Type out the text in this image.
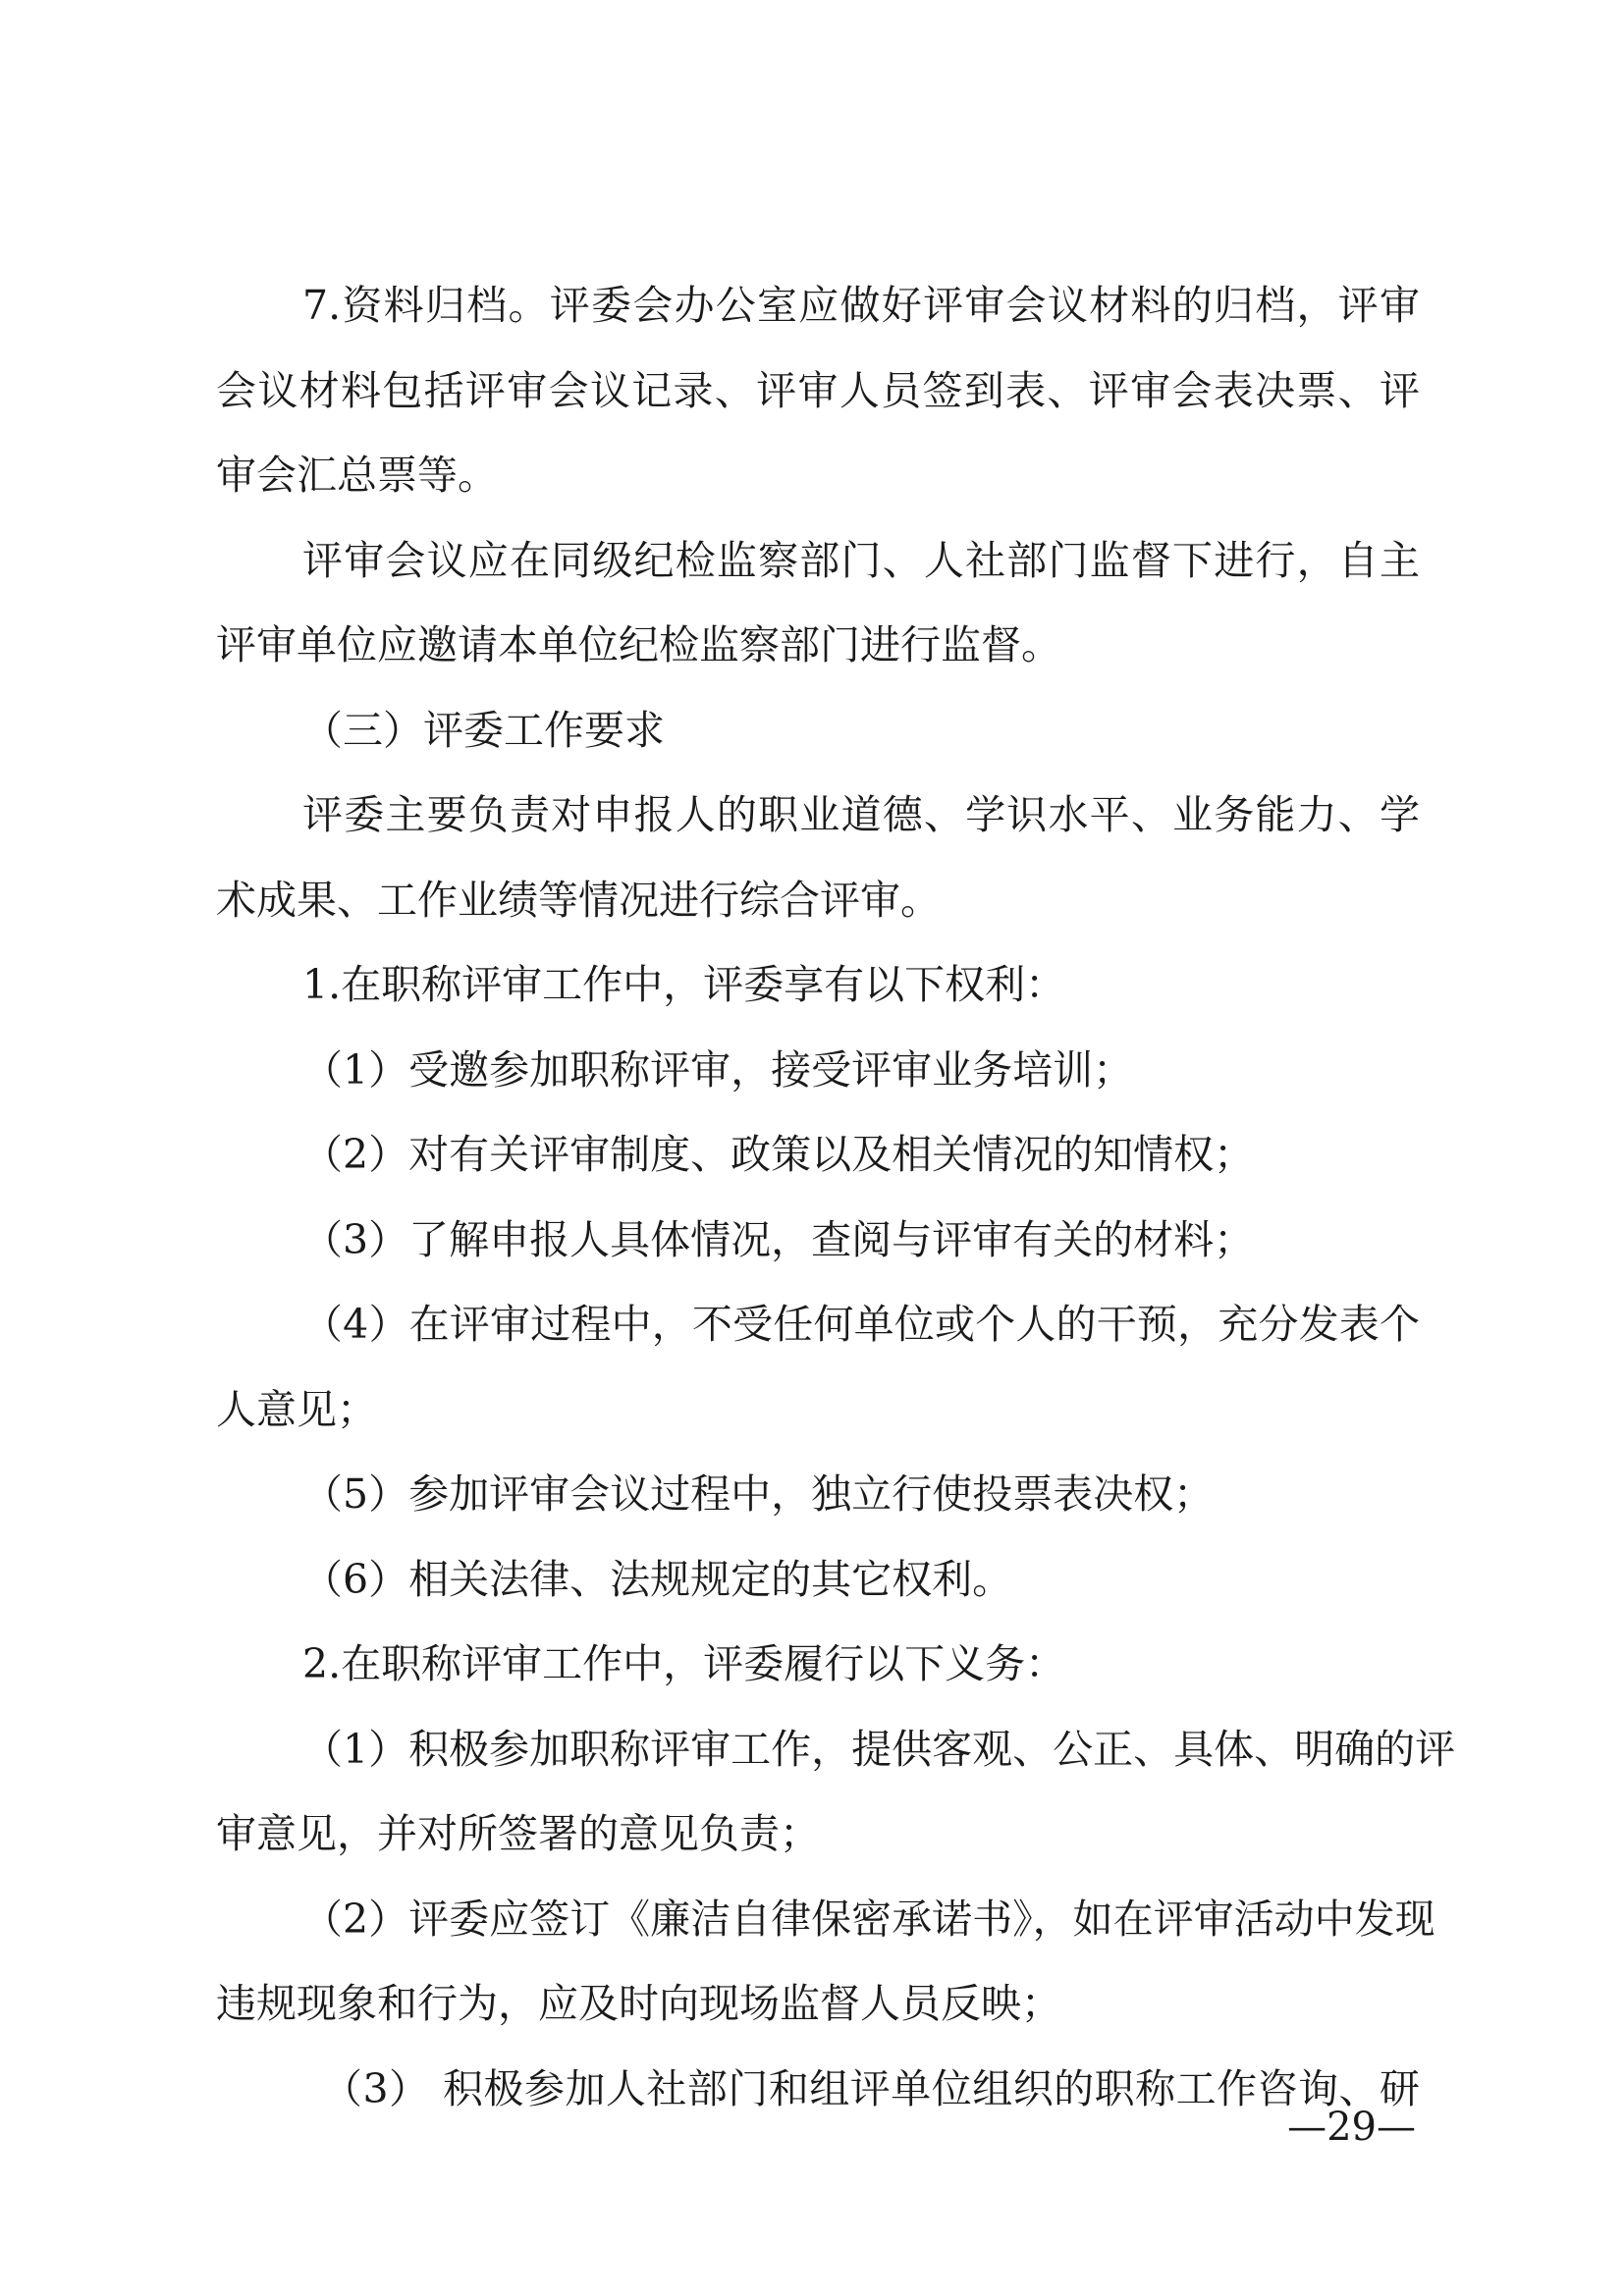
7.资料归档。评委会办公室应做好评审会议材料的归档，评审
会议材料包括评审会议记录、评审人员签到表、评审会表决票、评
审会汇总票等。
评审会议应在同级纪检监察部门、人社部门监督下进行，自主
评审单位应邀请本单位纪检监察部门进行监督。
（三）评委工作要求
评委主要负责对申报人的职业道德、学识水平、业务能力、学
术成果、工作业绩等情况进行综合评审。
1.在职称评审工作中，评委享有以下权利：
（1）受邀参加职称评审，接受评审业务培训；
（2）对有关评审制度、政策以及相关情况的知情权；
（3）了解申报人具体情况，查阅与评审有关的材料；
（4）在评审过程中，不受任何单位或个人的干预，充分发表个
人意见；
（5）参加评审会议过程中，独立行使投票表决权；
（6）相关法律、法规规定的其它权利。
2.在职称评审工作中，评委履行以下义务：
（1）积极参加职称评审工作，提供客观、公正、具体、明确的评
审意见，并对所签署的意见负责；
（2）评委应签订《廉洁自律保密承诺书》，如在评审活动中发现
违规现象和行为，应及时向现场监督人员反映；
（3） 积极参加人社部门和组评单位组织的职称工作咨询、研
—29—
